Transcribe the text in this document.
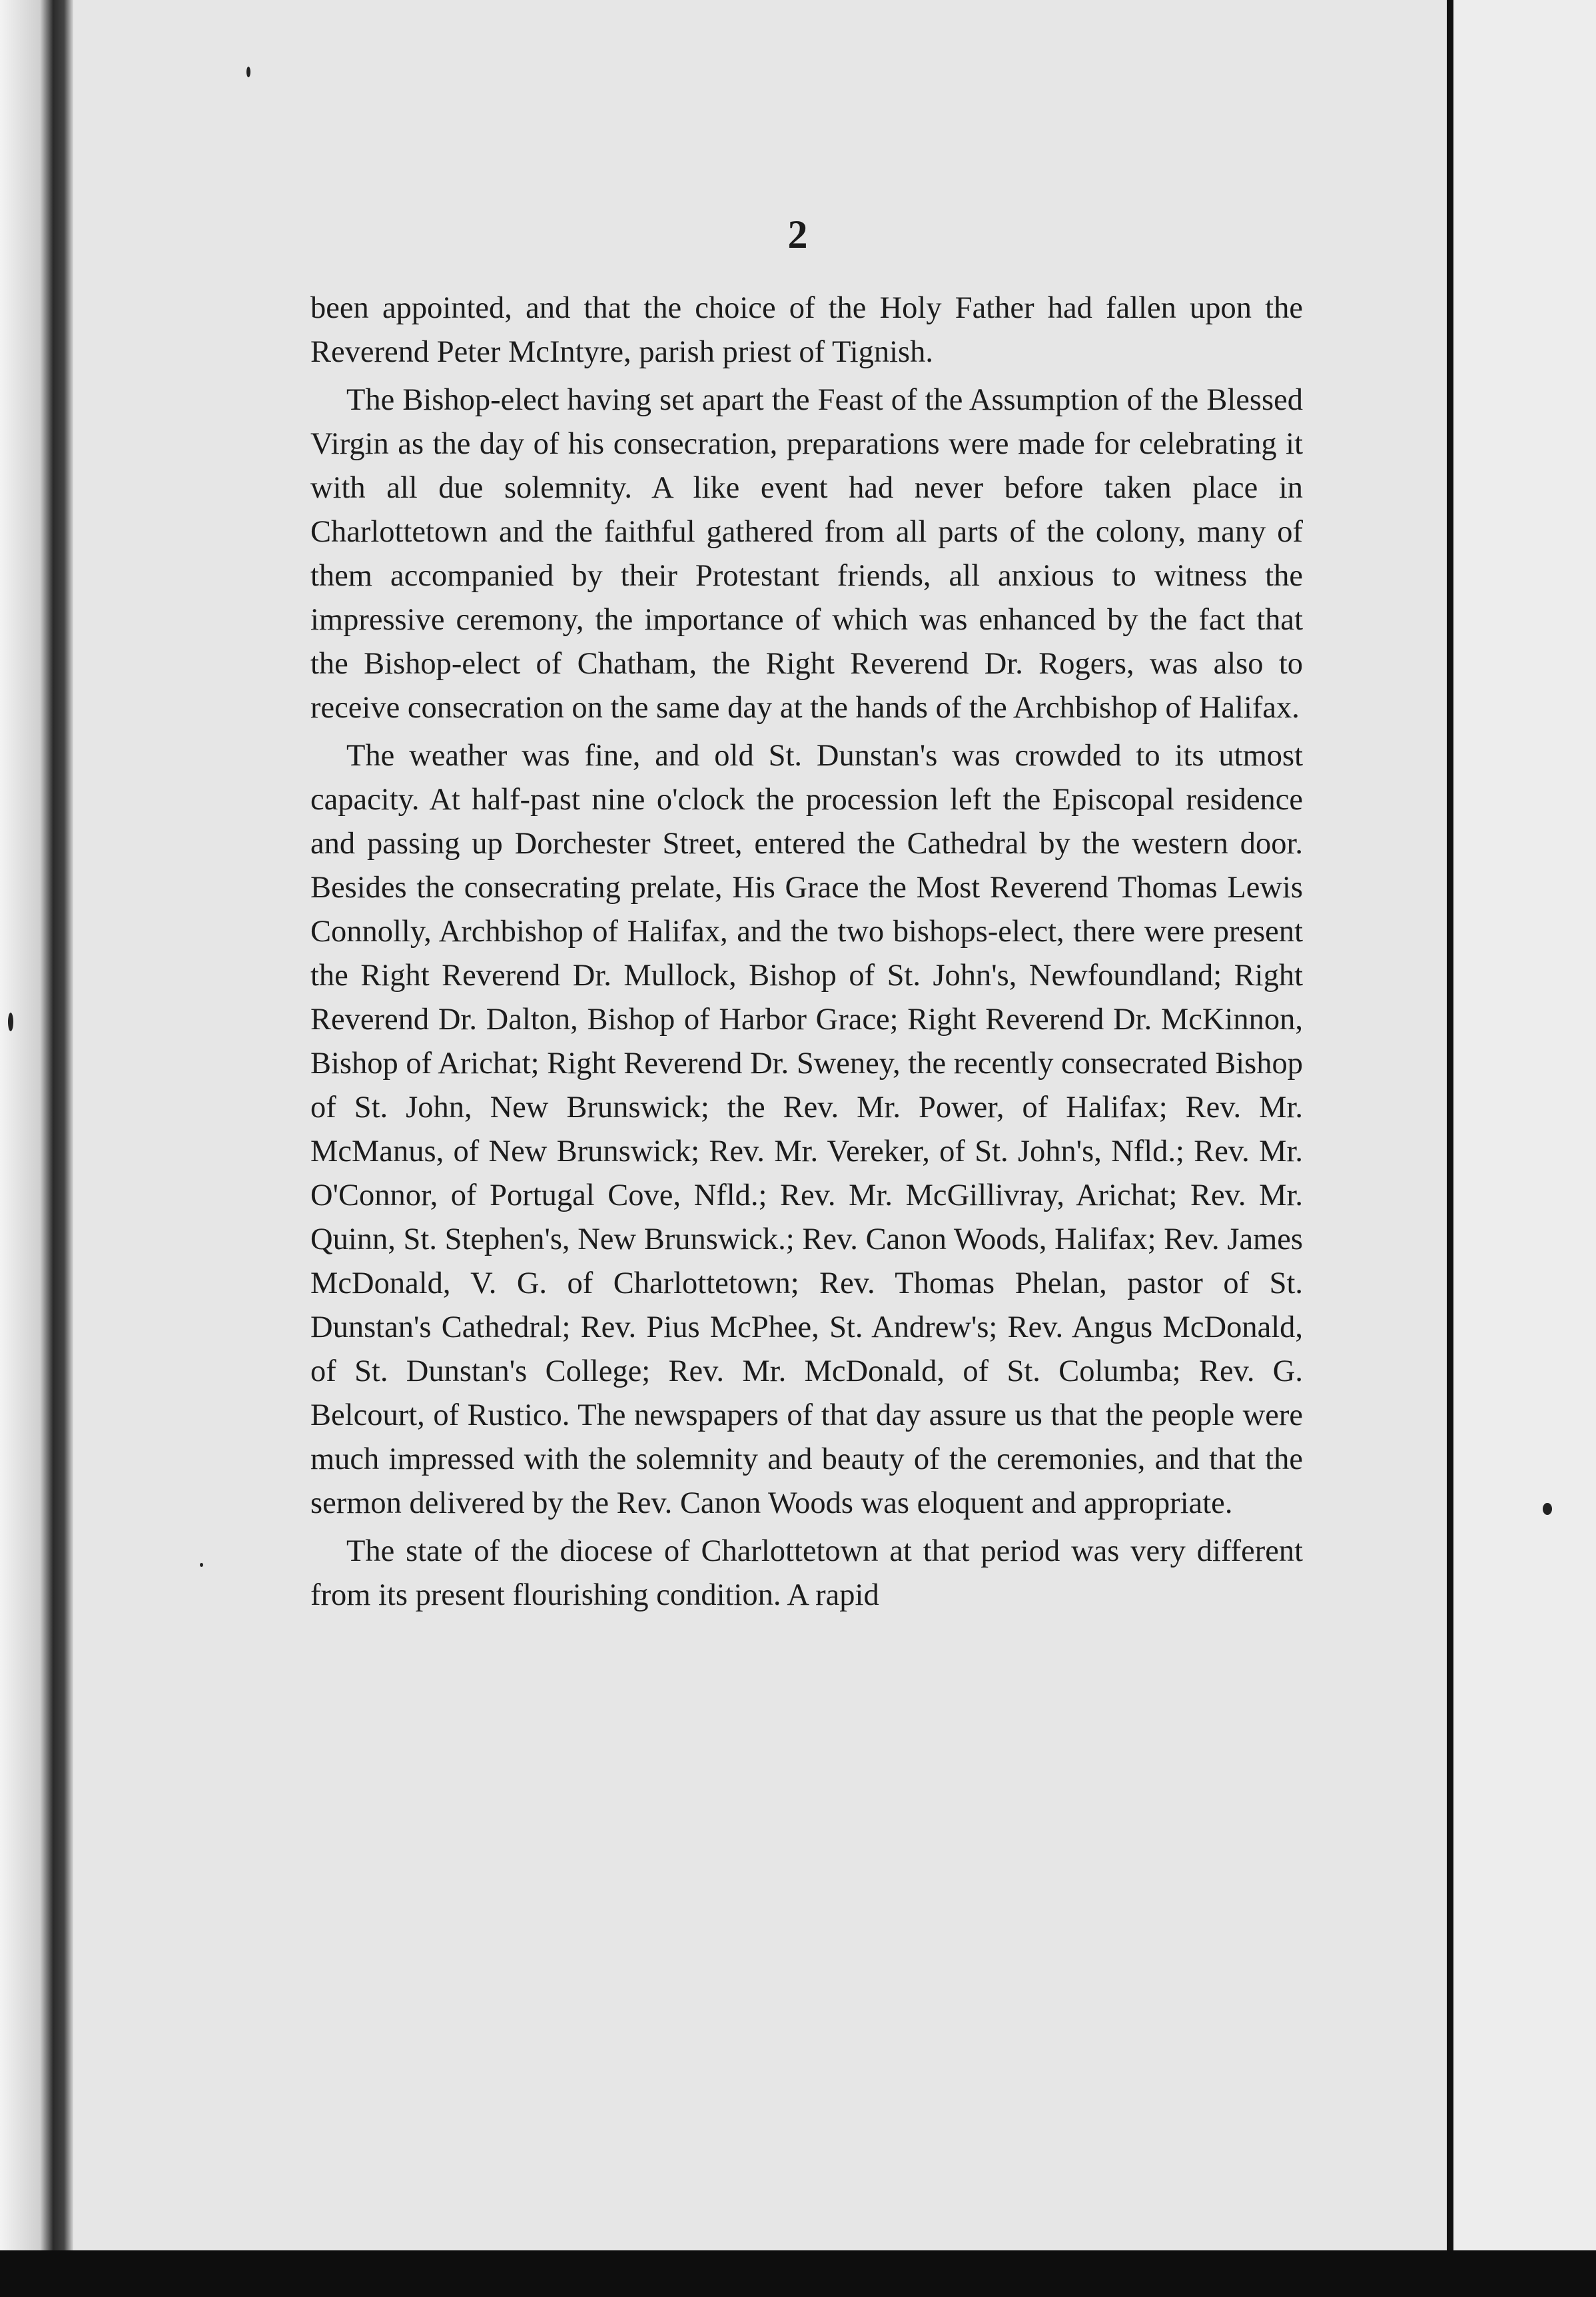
2

been appointed, and that the choice of the Holy Father had fallen upon the Reverend Peter McIntyre, parish priest of Tignish.

The Bishop-elect having set apart the Feast of the Assumption of the Blessed Virgin as the day of his consecration, preparations were made for celebrating it with all due solemnity. A like event had never before taken place in Charlottetown and the faithful gathered from all parts of the colony, many of them accompanied by their Protestant friends, all anxious to witness the impressive ceremony, the importance of which was enhanced by the fact that the Bishop-elect of Chatham, the Right Reverend Dr. Rogers, was also to receive consecration on the same day at the hands of the Archbishop of Halifax.

The weather was fine, and old St. Dunstan's was crowded to its utmost capacity. At half-past nine o'clock the procession left the Episcopal residence and passing up Dorchester Street, entered the Cathedral by the western door. Besides the consecrating prelate, His Grace the Most Reverend Thomas Lewis Connolly, Archbishop of Halifax, and the two bishops-elect, there were present the Right Reverend Dr. Mullock, Bishop of St. John's, Newfoundland; Right Reverend Dr. Dalton, Bishop of Harbor Grace; Right Reverend Dr. McKinnon, Bishop of Arichat; Right Reverend Dr. Sweney, the recently consecrated Bishop of St. John, New Brunswick; the Rev. Mr. Power, of Halifax; Rev. Mr. McManus, of New Brunswick; Rev. Mr. Vereker, of St. John's, Nfld.; Rev. Mr. O'Connor, of Portugal Cove, Nfld.; Rev. Mr. McGillivray, Arichat; Rev. Mr. Quinn, St. Stephen's, New Brunswick.; Rev. Canon Woods, Halifax; Rev. James McDonald, V. G. of Charlottetown; Rev. Thomas Phelan, pastor of St. Dunstan's Cathedral; Rev. Pius McPhee, St. Andrew's; Rev. Angus McDonald, of St. Dunstan's College; Rev. Mr. McDonald, of St. Columba; Rev. G. Belcourt, of Rustico. The newspapers of that day assure us that the people were much impressed with the solemnity and beauty of the ceremonies, and that the sermon delivered by the Rev. Canon Woods was eloquent and appropriate.

The state of the diocese of Charlottetown at that period was very different from its present flourishing condition. A rapid
